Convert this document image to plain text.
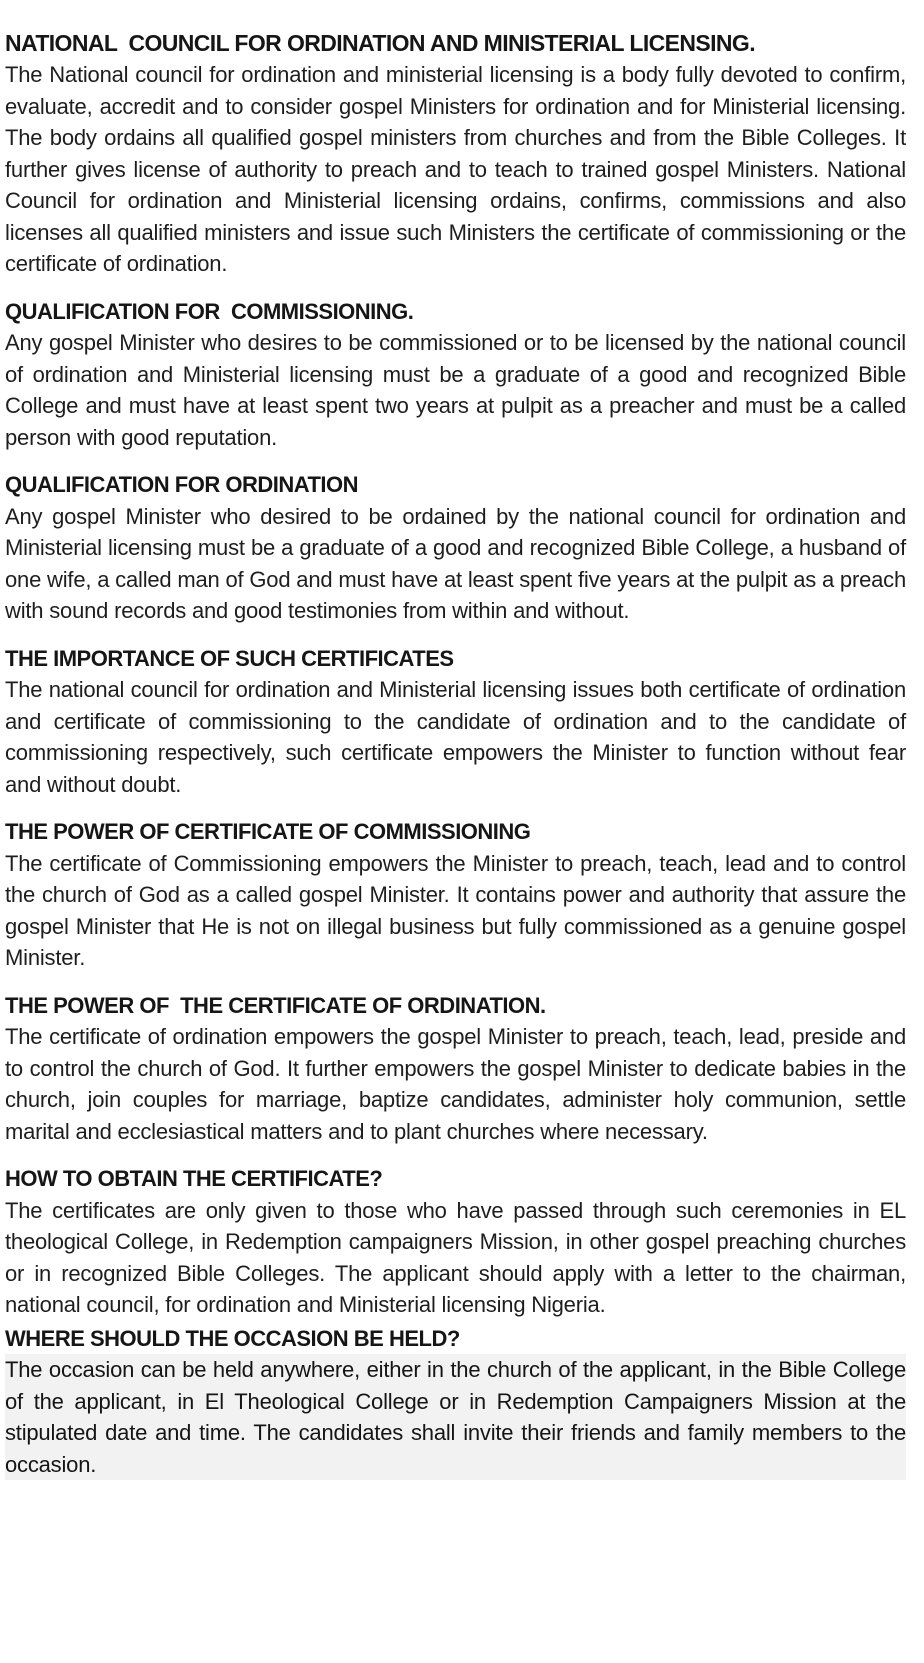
NATIONAL  COUNCIL FOR ORDINATION AND MINISTERIAL LICENSING.

The National council for ordination and ministerial licensing is a body fully devoted to confirm, evaluate, accredit and to consider gospel Ministers for ordination and for Ministerial licensing. The body ordains all qualified gospel ministers from churches and from the Bible Colleges. It further gives license of authority to preach and to teach to trained gospel Ministers. National Council for ordination and Ministerial licensing ordains, confirms, commissions and also licenses all qualified ministers and issue such Ministers the certificate of commissioning or the certificate of ordination.

QUALIFICATION FOR  COMMISSIONING.

Any gospel Minister who desires to be commissioned or to be licensed by the national council of ordination and Ministerial licensing must be a graduate of a good and recognized Bible College and must have at least spent two years at pulpit as a preacher and must be a called person with good reputation.

QUALIFICATION FOR ORDINATION

Any gospel Minister who desired to be ordained by the national council for ordination and Ministerial licensing must be a graduate of a good and recognized Bible College, a husband of one wife, a called man of God and must have at least spent five years at the pulpit as a preach with sound records and good testimonies from within and without.

THE IMPORTANCE OF SUCH CERTIFICATES

The national council for ordination and Ministerial licensing issues both certificate of ordination and certificate of commissioning to the candidate of ordination and to the candidate of commissioning respectively, such certificate empowers the Minister to function without fear and without doubt.

THE POWER OF CERTIFICATE OF COMMISSIONING

The certificate of Commissioning empowers the Minister to preach, teach, lead and to control the church of God as a called gospel Minister. It contains power and authority that assure the gospel Minister that He is not on illegal business but fully commissioned as a genuine gospel Minister.

THE POWER OF  THE CERTIFICATE OF ORDINATION.

The certificate of ordination empowers the gospel Minister to preach, teach, lead, preside and to control the church of God. It further empowers the gospel Minister to dedicate babies in the church, join couples for marriage, baptize candidates, administer holy communion, settle marital and ecclesiastical matters and to plant churches where necessary.

HOW TO OBTAIN THE CERTIFICATE?

The certificates are only given to those who have passed through such ceremonies in EL theological College, in Redemption campaigners Mission, in other gospel preaching churches or in recognized Bible Colleges. The applicant should apply with a letter to the chairman, national council, for ordination and Ministerial licensing Nigeria.

WHERE SHOULD THE OCCASION BE HELD?

The occasion can be held anywhere, either in the church of the applicant, in the Bible College of the applicant, in El Theological College or in Redemption Campaigners Mission at the stipulated date and time. The candidates shall invite their friends and family members to the occasion.
